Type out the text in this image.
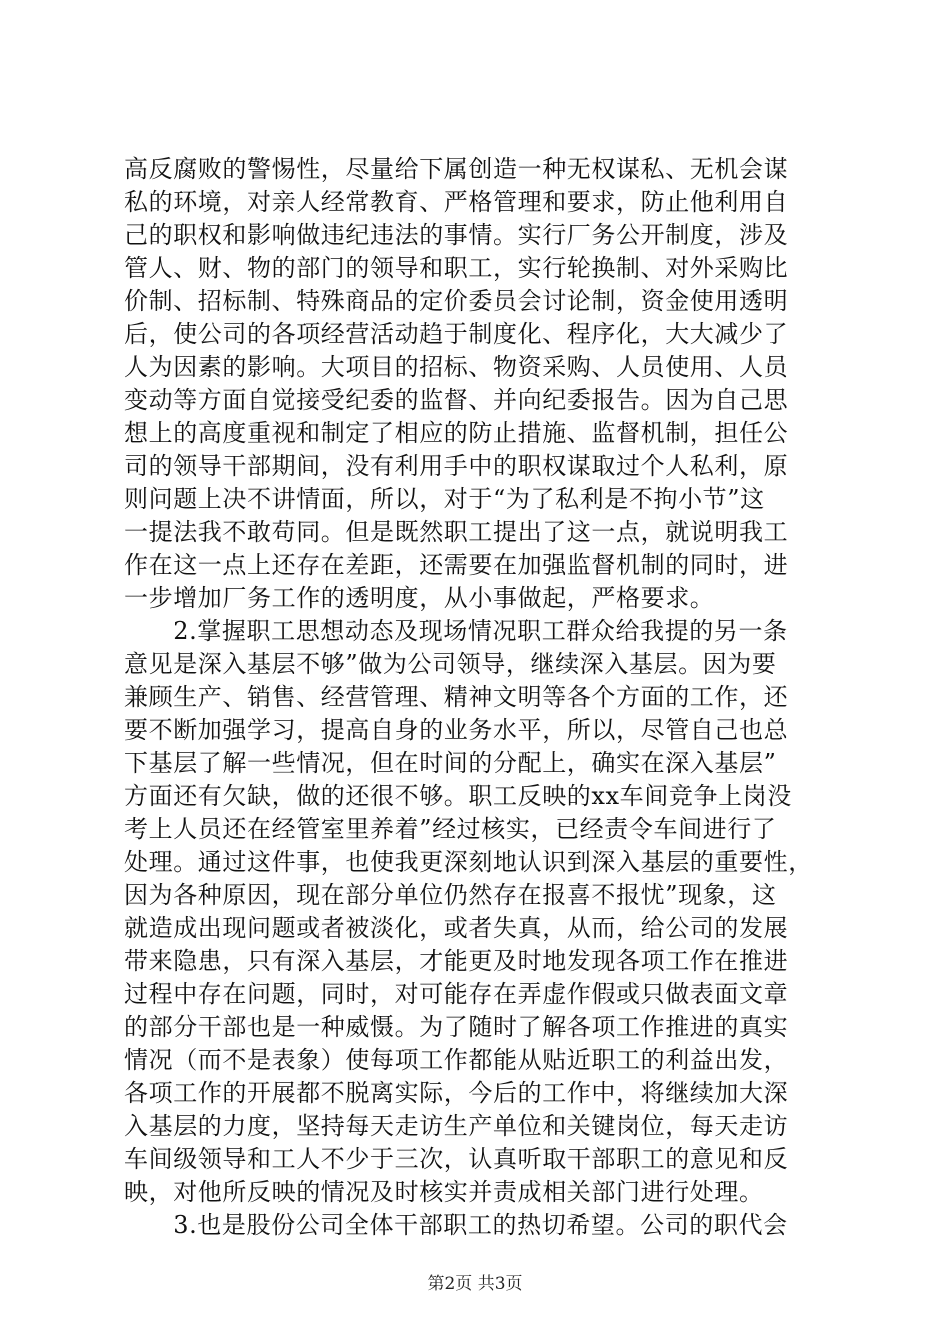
高反腐败的警惕性，尽量给下属创造一种无权谋私、无机会谋
私的环境，对亲人经常教育、严格管理和要求，防止他利用自
己的职权和影响做违纪违法的事情。实行厂务公开制度，涉及
管人、财、物的部门的领导和职工，实行轮换制、对外采购比
价制、招标制、特殊商品的定价委员会讨论制，资金使用透明
后，使公司的各项经营活动趋于制度化、程序化，大大减少了
人为因素的影响。大项目的招标、物资采购、人员使用、人员
变动等方面自觉接受纪委的监督、并向纪委报告。因为自己思
想上的高度重视和制定了相应的防止措施、监督机制，担任公
司的领导干部期间，没有利用手中的职权谋取过个人私利，原
则问题上决不讲情面，所以，对于“为了私利是不拘小节”这
一提法我不敢苟同。但是既然职工提出了这一点，就说明我工
作在这一点上还存在差距，还需要在加强监督机制的同时，进
一步增加厂务工作的透明度，从小事做起，严格要求。
　　2.掌握职工思想动态及现场情况职工群众给我提的另一条
意见是深入基层不够”做为公司领导，继续深入基层。因为要
兼顾生产、销售、经营管理、精神文明等各个方面的工作，还
要不断加强学习，提高自身的业务水平，所以，尽管自己也总
下基层了解一些情况，但在时间的分配上，确实在深入基层”
方面还有欠缺，做的还很不够。职工反映的xx车间竞争上岗没
考上人员还在经管室里养着”经过核实，已经责令车间进行了
处理。通过这件事，也使我更深刻地认识到深入基层的重要性，
因为各种原因，现在部分单位仍然存在报喜不报忧”现象，这
就造成出现问题或者被淡化，或者失真，从而，给公司的发展
带来隐患，只有深入基层，才能更及时地发现各项工作在推进
过程中存在问题，同时，对可能存在弄虚作假或只做表面文章
的部分干部也是一种威慑。为了随时了解各项工作推进的真实
情况（而不是表象）使每项工作都能从贴近职工的利益出发，
各项工作的开展都不脱离实际，今后的工作中，将继续加大深
入基层的力度，坚持每天走访生产单位和关键岗位，每天走访
车间级领导和工人不少于三次，认真听取干部职工的意见和反
映，对他所反映的情况及时核实并责成相关部门进行处理。
　　3.也是股份公司全体干部职工的热切希望。公司的职代会
第2页 共3页
